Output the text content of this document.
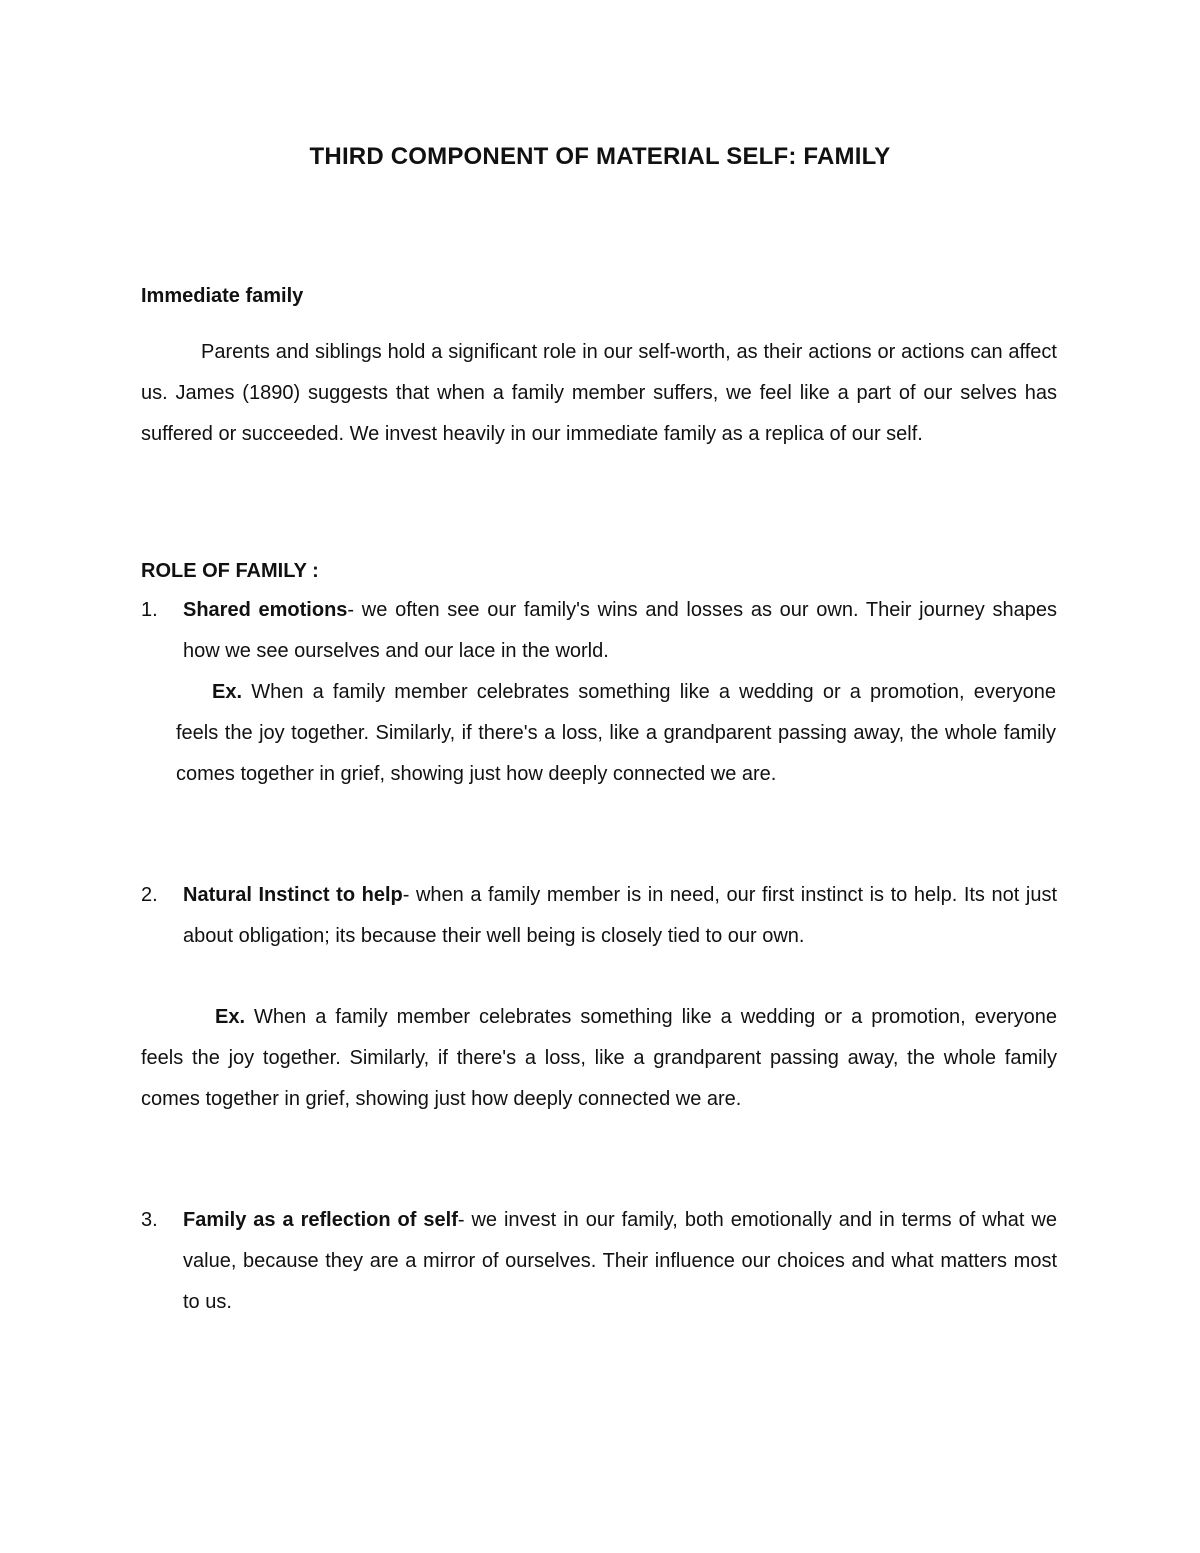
THIRD COMPONENT OF MATERIAL SELF: FAMILY
Immediate family

Parents and siblings hold a significant role in our self-worth, as their actions or actions can affect us. James (1890) suggests that when a family member suffers, we feel like a part of our selves has suffered or succeeded. We invest heavily in our immediate family as a replica of our self.

ROLE OF FAMILY :
1. Shared emotions- we often see our family's wins and losses as our own. Their journey shapes how we see ourselves and our lace in the world.

Ex. When a family member celebrates something like a wedding or a promotion, everyone feels the joy together. Similarly, if there's a loss, like a grandparent passing away, the whole family comes together in grief, showing just how deeply connected we are.

2. Natural Instinct to help- when a family member is in need, our first instinct is to help. Its not just about obligation; its because their well being is closely tied to our own.

Ex. When a family member celebrates something like a wedding or a promotion, everyone feels the joy together. Similarly, if there's a loss, like a grandparent passing away, the whole family comes together in grief, showing just how deeply connected we are.

3. Family as a reflection of self- we invest in our family, both emotionally and in terms of what we value, because they are a mirror of ourselves. Their influence our choices and what matters most to us.
